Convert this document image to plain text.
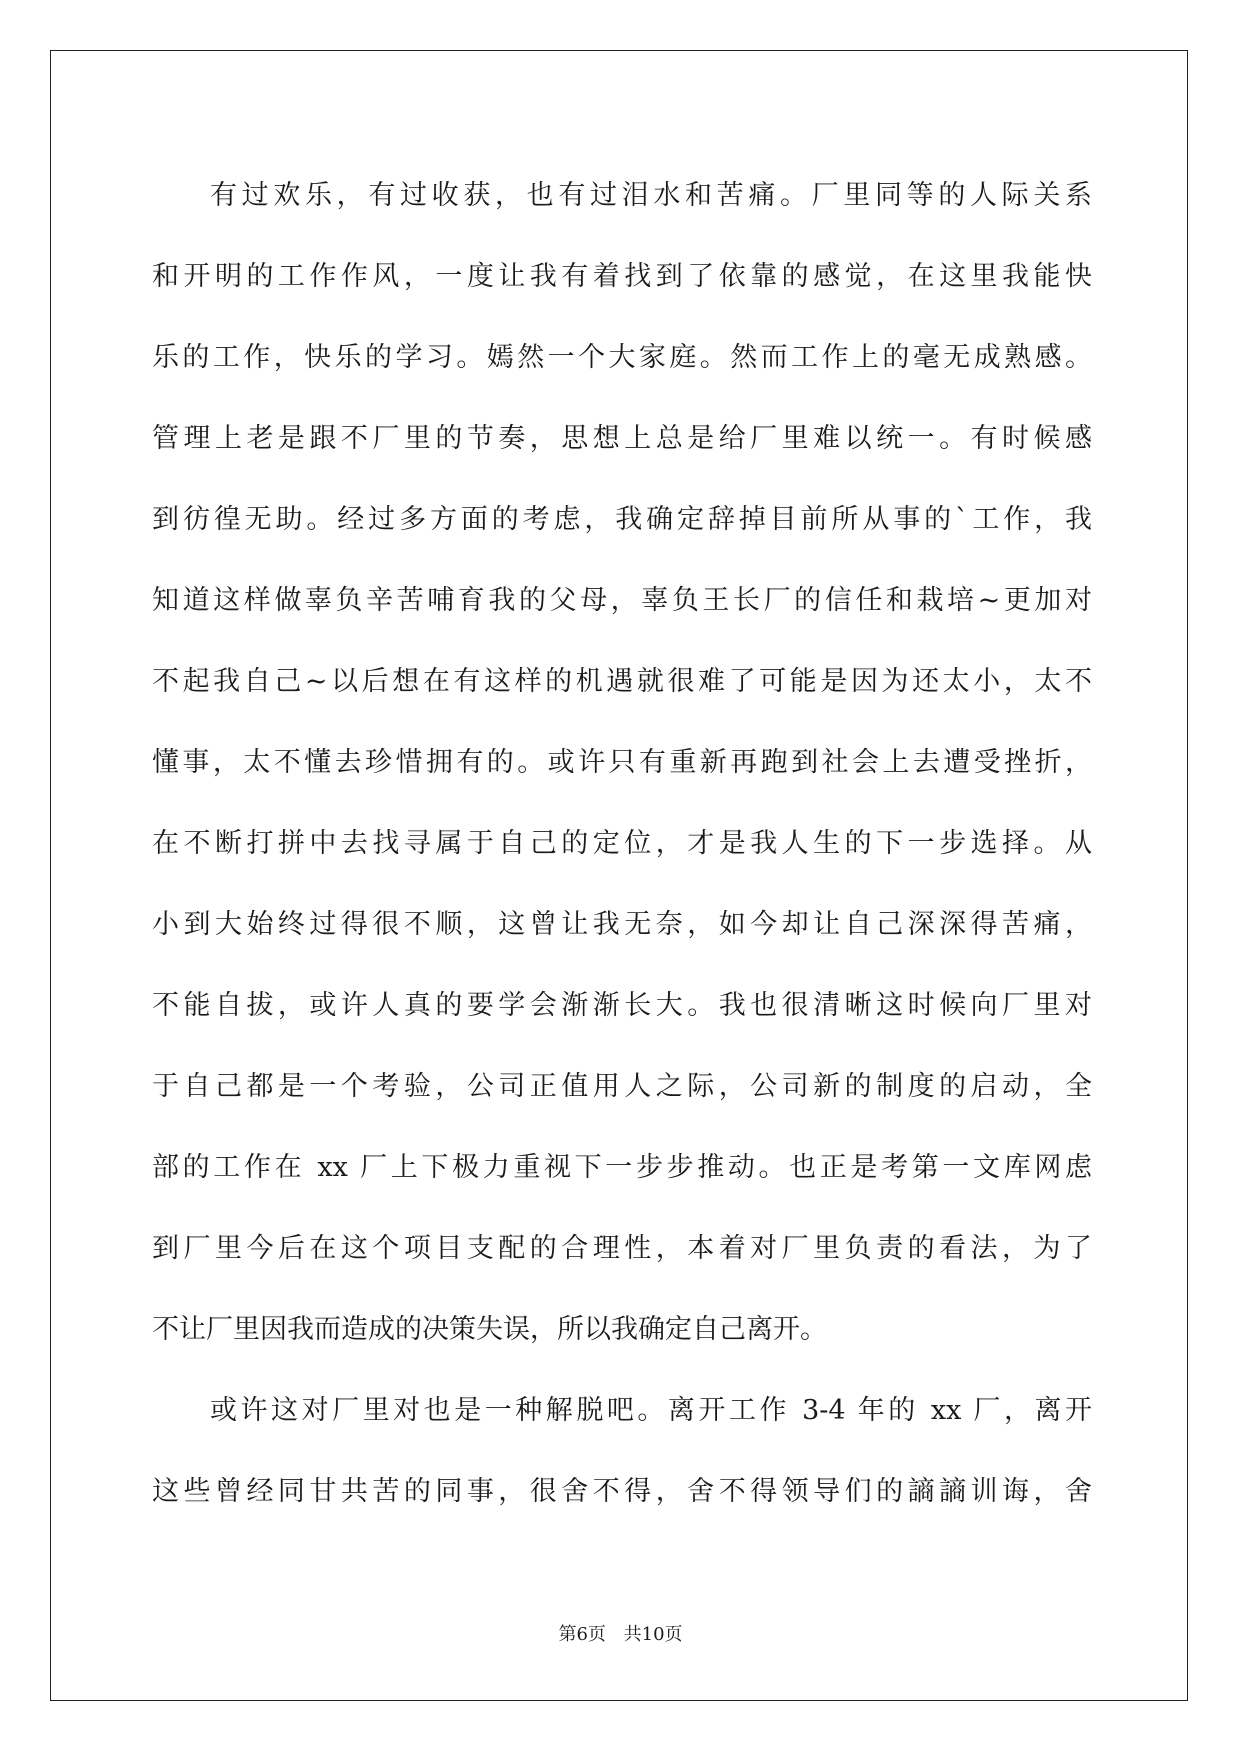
有过欢乐，有过收获，也有过泪水和苦痛。厂里同等的人际关系
和开明的工作作风，一度让我有着找到了依靠的感觉，在这里我能快
乐的工作，快乐的学习。嫣然一个大家庭。然而工作上的毫无成熟感。
管理上老是跟不厂里的节奏，思想上总是给厂里难以统一。有时候感
到彷徨无助。经过多方面的考虑，我确定辞掉目前所从事的`工作，我
知道这样做辜负辛苦哺育我的父母，辜负王长厂的信任和栽培~更加对
不起我自己~以后想在有这样的机遇就很难了可能是因为还太小，太不
懂事，太不懂去珍惜拥有的。或许只有重新再跑到社会上去遭受挫折，
在不断打拼中去找寻属于自己的定位，才是我人生的下一步选择。从
小到大始终过得很不顺，这曾让我无奈，如今却让自己深深得苦痛，
不能自拔，或许人真的要学会渐渐长大。我也很清晰这时候向厂里对
于自己都是一个考验，公司正值用人之际，公司新的制度的启动，全
部的工作在 xx 厂上下极力重视下一步步推动。也正是考第一文库网虑
到厂里今后在这个项目支配的合理性，本着对厂里负责的看法，为了
不让厂里因我而造成的决策失误，所以我确定自己离开。
或许这对厂里对也是一种解脱吧。离开工作 3-4 年的 xx 厂，离开
这些曾经同甘共苦的同事，很舍不得，舍不得领导们的謪謪训诲，舍
第6页 共10页
